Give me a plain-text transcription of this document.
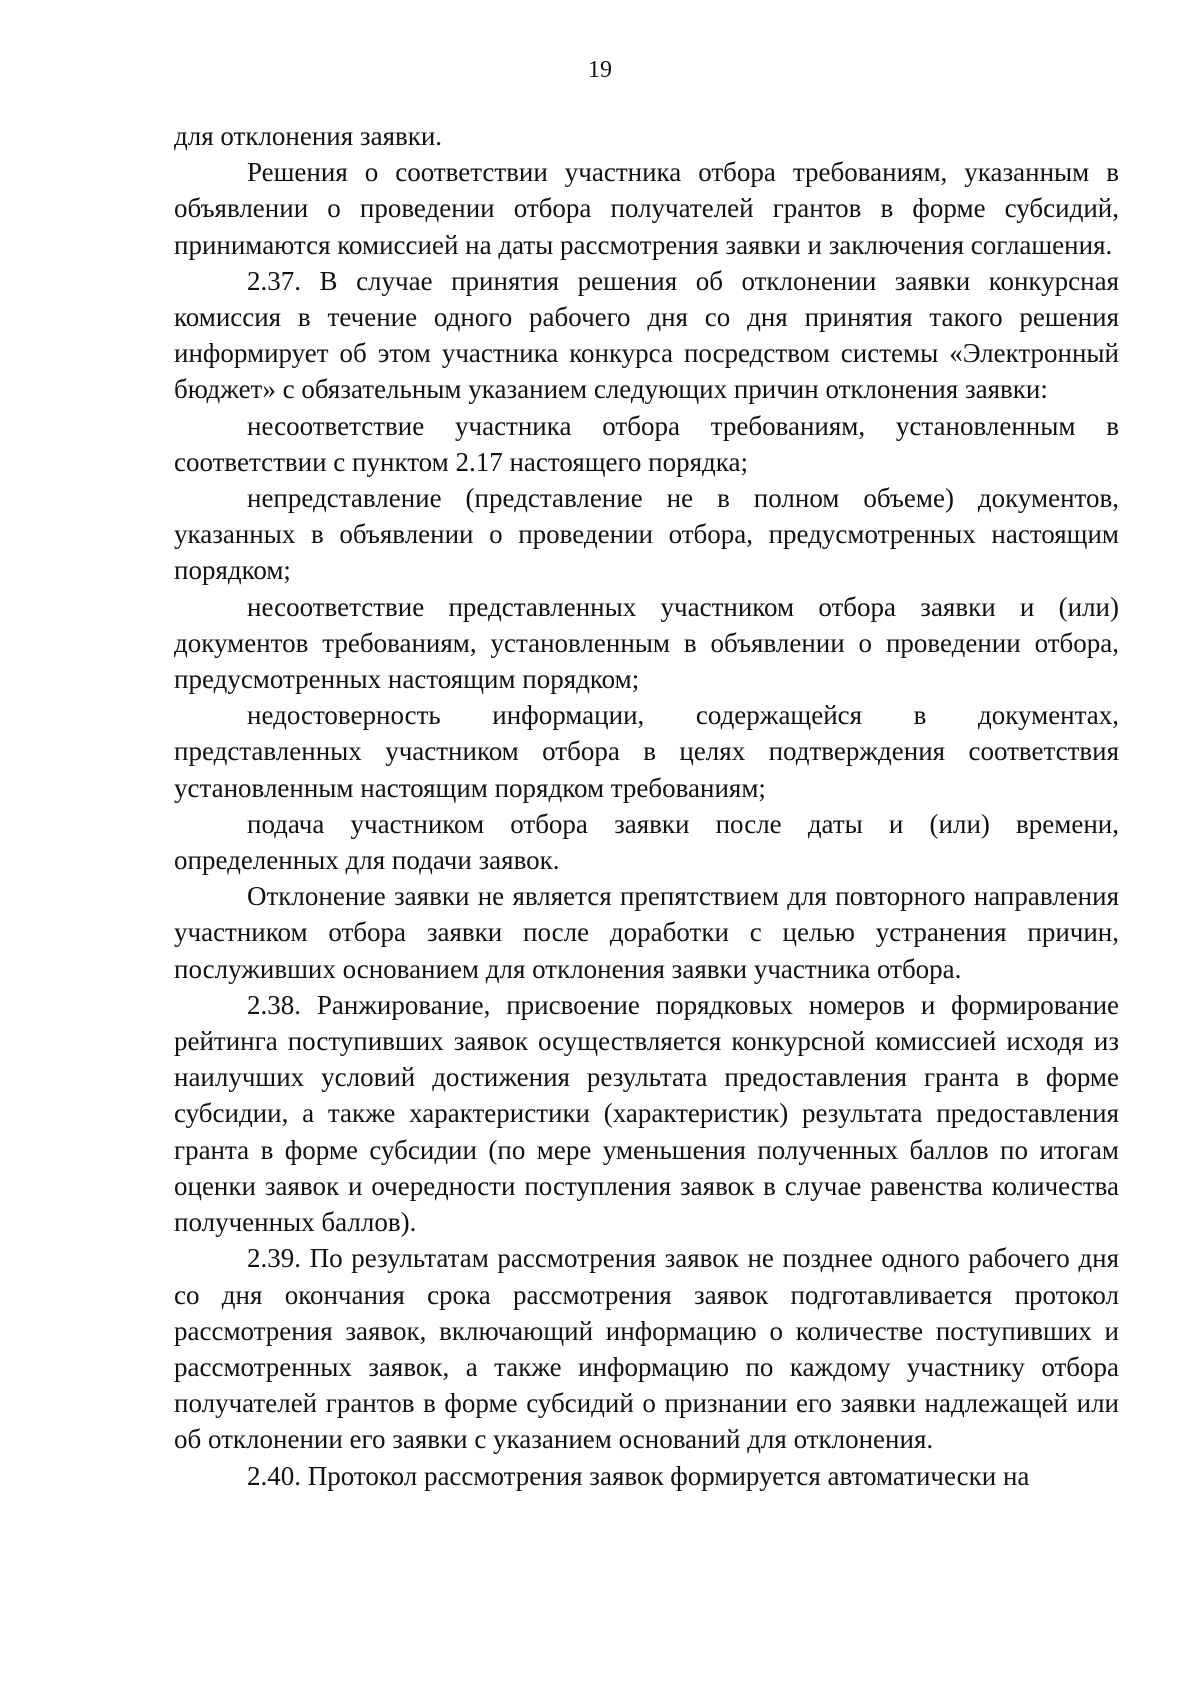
19

для отклонения заявки.

Решения о соответствии участника отбора требованиям, указанным в объявлении о проведении отбора получателей грантов в форме субсидий, принимаются комиссией на даты рассмотрения заявки и заключения соглашения.

2.37. В случае принятия решения об отклонении заявки конкурсная комиссия в течение одного рабочего дня со дня принятия такого решения информирует об этом участника конкурса посредством системы «Электронный бюджет» с обязательным указанием следующих причин отклонения заявки:

несоответствие участника отбора требованиям, установленным в соответствии с пунктом 2.17 настоящего порядка;

непредставление (представление не в полном объеме) документов, указанных в объявлении о проведении отбора, предусмотренных настоящим порядком;

несоответствие представленных участником отбора заявки и (или) документов требованиям, установленным в объявлении о проведении отбора, предусмотренных настоящим порядком;

недостоверность информации, содержащейся в документах, представленных участником отбора в целях подтверждения соответствия установленным настоящим порядком требованиям;

подача участником отбора заявки после даты и (или) времени, определенных для подачи заявок.

Отклонение заявки не является препятствием для повторного направления участником отбора заявки после доработки с целью устранения причин, послуживших основанием для отклонения заявки участника отбора.

2.38. Ранжирование, присвоение порядковых номеров и формирование рейтинга поступивших заявок осуществляется конкурсной комиссией исходя из наилучших условий достижения результата предоставления гранта в форме субсидии, а также характеристики (характеристик) результата предоставления гранта в форме субсидии (по мере уменьшения полученных баллов по итогам оценки заявок и очередности поступления заявок в случае равенства количества полученных баллов).

2.39. По результатам рассмотрения заявок не позднее одного рабочего дня со дня окончания срока рассмотрения заявок подготавливается протокол рассмотрения заявок, включающий информацию о количестве поступивших и рассмотренных заявок, а также информацию по каждому участнику отбора получателей грантов в форме субсидий о признании его заявки надлежащей или об отклонении его заявки с указанием оснований для отклонения.

2.40. Протокол рассмотрения заявок формируется автоматически на
